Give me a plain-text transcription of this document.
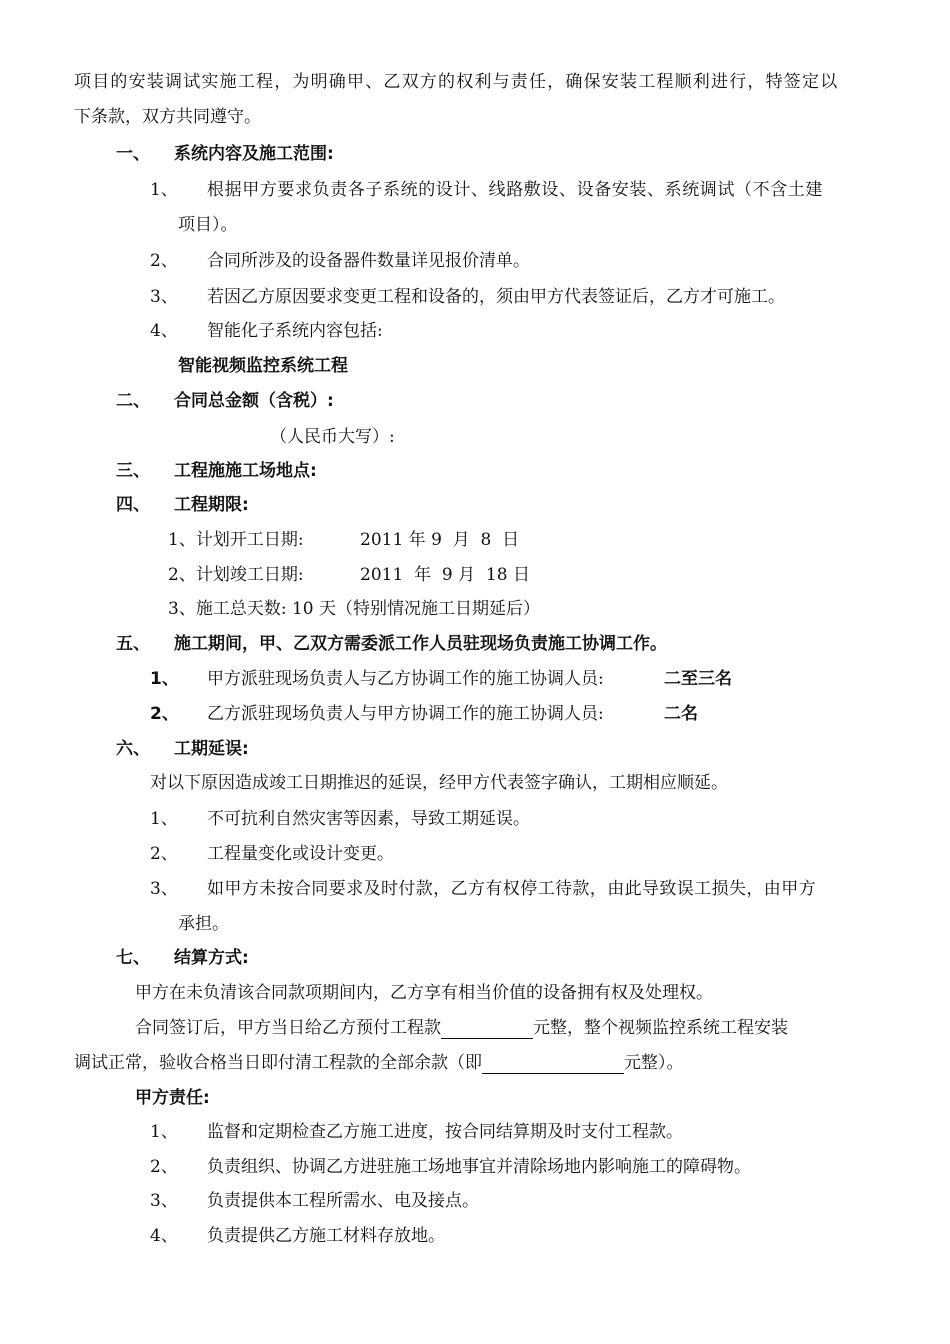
项目的安装调试实施工程，为明确甲、乙双方的权利与责任，确保安装工程顺利进行，特签定以
下条款，双方共同遵守。
一、 系统内容及施工范围:
1、 根据甲方要求负责各子系统的设计、线路敷设、设备安装、系统调试（不含土建
项目）。
2、 合同所涉及的设备器件数量详见报价清单。
3、 若因乙方原因要求变更工程和设备的，须由甲方代表签证后，乙方才可施工。
4、 智能化子系统内容包括:
智能视频监控系统工程
二、 合同总金额（含税）:
（人民币大写）:
三、 工程施施工场地点:
四、 工程期限:
1、计划开工日期:	2011 年 9  月  8  日
2、计划竣工日期:	2011  年  9 月  18 日
3、施工总天数: 10 天（特别情况施工日期延后）
五、 施工期间，甲、乙双方需委派工作人员驻现场负责施工协调工作。
1、 甲方派驻现场负责人与乙方协调工作的施工协调人员:	二至三名
2、 乙方派驻现场负责人与甲方协调工作的施工协调人员:	二名
六、 工期延误:
对以下原因造成竣工日期推迟的延误，经甲方代表签字确认，工期相应顺延。
1、 不可抗利自然灾害等因素，导致工期延误。
2、 工程量变化或设计变更。
3、 如甲方未按合同要求及时付款，乙方有权停工待款，由此导致误工损失，由甲方
承担。
七、 结算方式:
甲方在未负清该合同款项期间内，乙方享有相当价值的设备拥有权及处理权。
合同签订后，甲方当日给乙方预付工程款	元整，整个视频监控系统工程安装
调试正常，验收合格当日即付清工程款的全部余款（即	元整）。
甲方责任:
1、 监督和定期检查乙方施工进度，按合同结算期及时支付工程款。
2、 负责组织、协调乙方进驻施工场地事宜并清除场地内影响施工的障碍物。
3、 负责提供本工程所需水、电及接点。
4、 负责提供乙方施工材料存放地。
